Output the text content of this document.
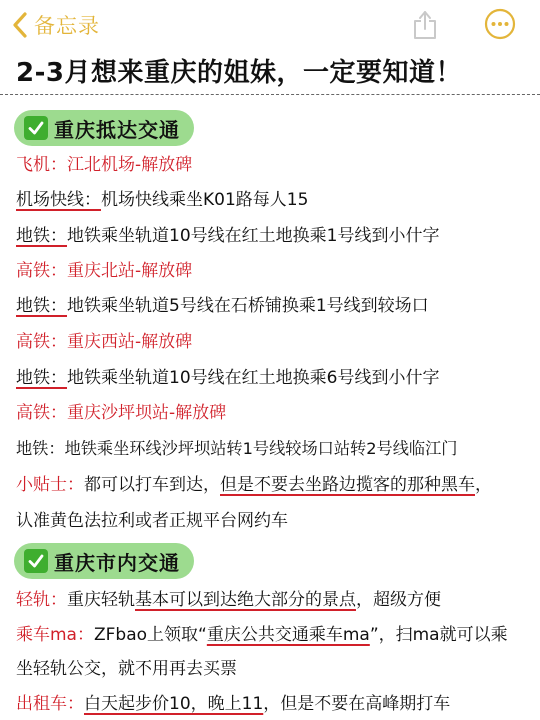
备忘录
2-3月想来重庆的姐妹，一定要知道！
重庆抵达交通
飞机：江北机场-解放碑
机场快线：机场快线乘坐K01路每人15
地铁：地铁乘坐轨道10号线在红土地换乘1号线到小什字
高铁：重庆北站-解放碑
地铁：地铁乘坐轨道5号线在石桥铺换乘1号线到较场口
高铁：重庆西站-解放碑
地铁：地铁乘坐轨道10号线在红土地换乘6号线到小什字
高铁：重庆沙坪坝站-解放碑
地铁：地铁乘坐环线沙坪坝站转1号线较场口站转2号线临江门
小贴士：都可以打车到达，但是不要去坐路边揽客的那种黑车，
认准黄色法拉利或者正规平台网约车
重庆市内交通
轻轨：重庆轻轨基本可以到达绝大部分的景点，超级方便
乘车ma：ZFbao上领取“重庆公共交通乘车ma”，扫ma就可以乘
坐轻轨公交，就不用再去买票
出租车：白天起步价10，晚上11，但是不要在高峰期打车
